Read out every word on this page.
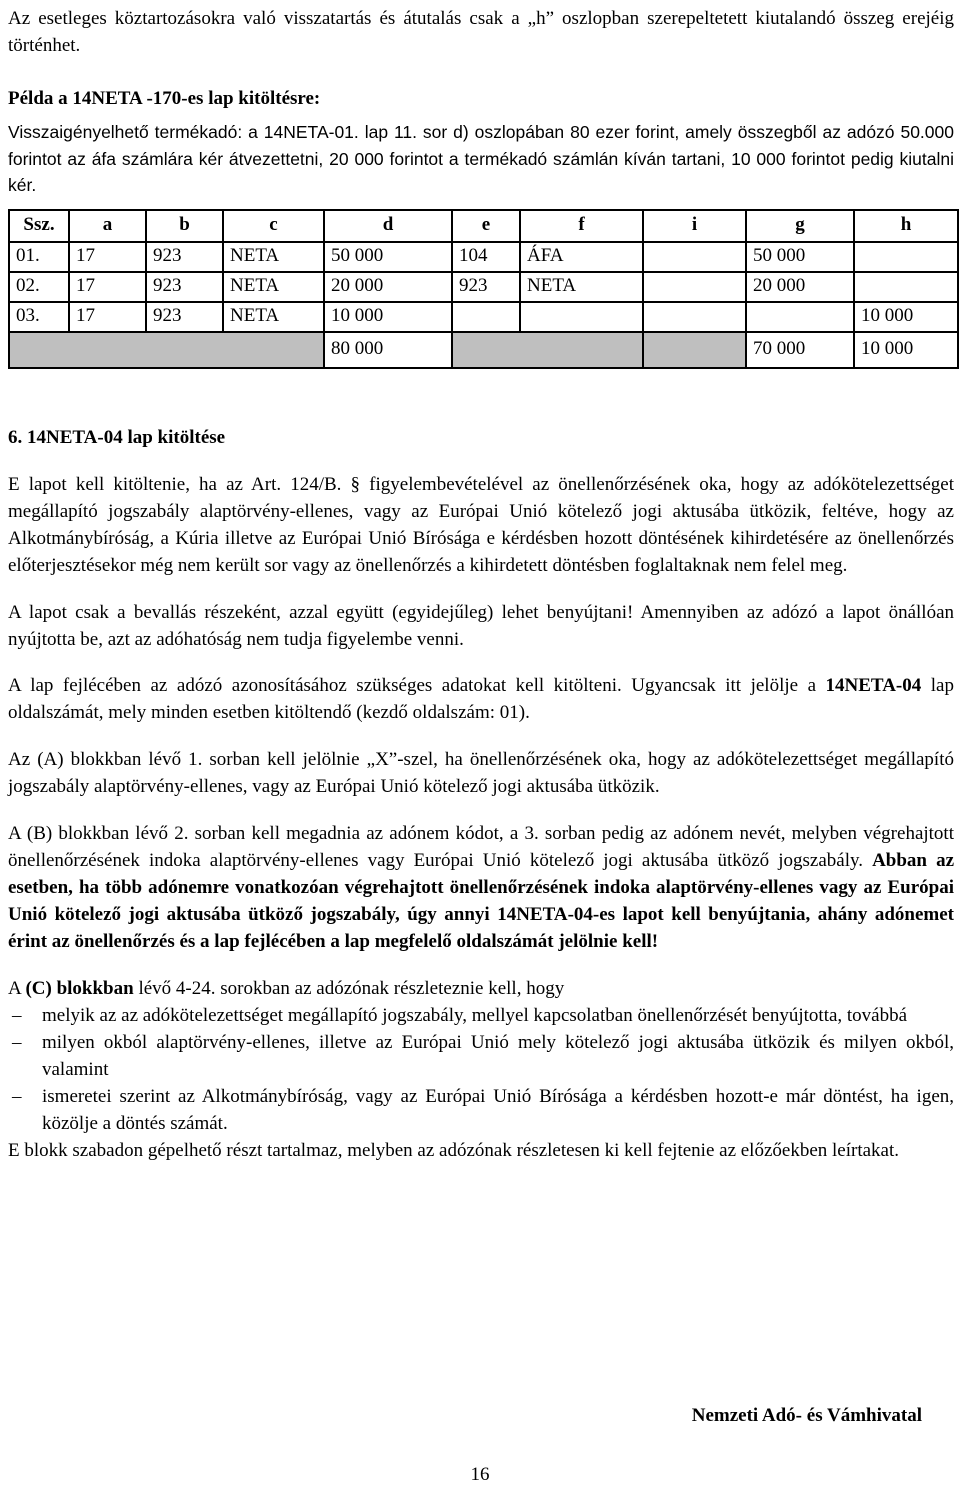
Az esetleges köztartozásokra való visszatartás és átutalás csak a „h” oszlopban szerepeltetett kiutalandó összeg erejéig történhet.

Példa a 14NETA -170-es lap kitöltésre:

Visszaigényelhető termékadó: a 14NETA-01. lap 11. sor d) oszlopában 80 ezer forint, amely összegből az adózó 50.000 forintot az áfa számlára kér átvezettetni, 20 000 forintot a termékadó számlán kíván tartani, 10 000 forintot pedig kiutalni kér.

Ssz.	a	b	c	d	e	f	i	g	h
01.	17	923	NETA	50 000	104	ÁFA		50 000	
02.	17	923	NETA	20 000	923	NETA		20 000	
03.	17	923	NETA	10 000					10 000
				80 000				70 000	10 000

6. 14NETA-04 lap kitöltése

E lapot kell kitöltenie, ha az Art. 124/B. § figyelembevételével az önellenőrzésének oka, hogy az adókötelezettséget megállapító jogszabály alaptörvény-ellenes, vagy az Európai Unió kötelező jogi aktusába ütközik, feltéve, hogy az Alkotmánybíróság, a Kúria illetve az Európai Unió Bírósága e kérdésben hozott döntésének kihirdetésére az önellenőrzés előterjesztésekor még nem került sor vagy az önellenőrzés a kihirdetett döntésben foglaltaknak nem felel meg.

A lapot csak a bevallás részeként, azzal együtt (egyidejűleg) lehet benyújtani! Amennyiben az adózó a lapot önállóan nyújtotta be, azt az adóhatóság nem tudja figyelembe venni.

A lap fejlécében az adózó azonosításához szükséges adatokat kell kitölteni. Ugyancsak itt jelölje a 14NETA-04 lap oldalszámát, mely minden esetben kitöltendő (kezdő oldalszám: 01).

Az (A) blokkban lévő 1. sorban kell jelölnie „X”-szel, ha önellenőrzésének oka, hogy az adókötelezettséget megállapító jogszabály alaptörvény-ellenes, vagy az Európai Unió kötelező jogi aktusába ütközik.

A (B) blokkban lévő 2. sorban kell megadnia az adónem kódot, a 3. sorban pedig az adónem nevét, melyben végrehajtott önellenőrzésének indoka alaptörvény-ellenes vagy Európai Unió kötelező jogi aktusába ütköző jogszabály. Abban az esetben, ha több adónemre vonatkozóan végrehajtott önellenőrzésének indoka alaptörvény-ellenes vagy az Európai Unió kötelező jogi aktusába ütköző jogszabály, úgy annyi 14NETA-04-es lapot kell benyújtania, ahány adónemet érint az önellenőrzés és a lap fejlécében a lap megfelelő oldalszámát jelölnie kell!

A (C) blokkban lévő 4-24. sorokban az adózónak részleteznie kell, hogy

– melyik az az adókötelezettséget megállapító jogszabály, mellyel kapcsolatban önellenőrzését benyújtotta, továbbá
– milyen okból alaptörvény-ellenes, illetve az Európai Unió mely kötelező jogi aktusába ütközik és milyen okból, valamint
– ismeretei szerint az Alkotmánybíróság, vagy az Európai Unió Bírósága a kérdésben hozott-e már döntést, ha igen, közölje a döntés számát.

E blokk szabadon gépelhető részt tartalmaz, melyben az adózónak részletesen ki kell fejtenie az előzőekben leírtakat.

Nemzeti Adó- és Vámhivatal
16
